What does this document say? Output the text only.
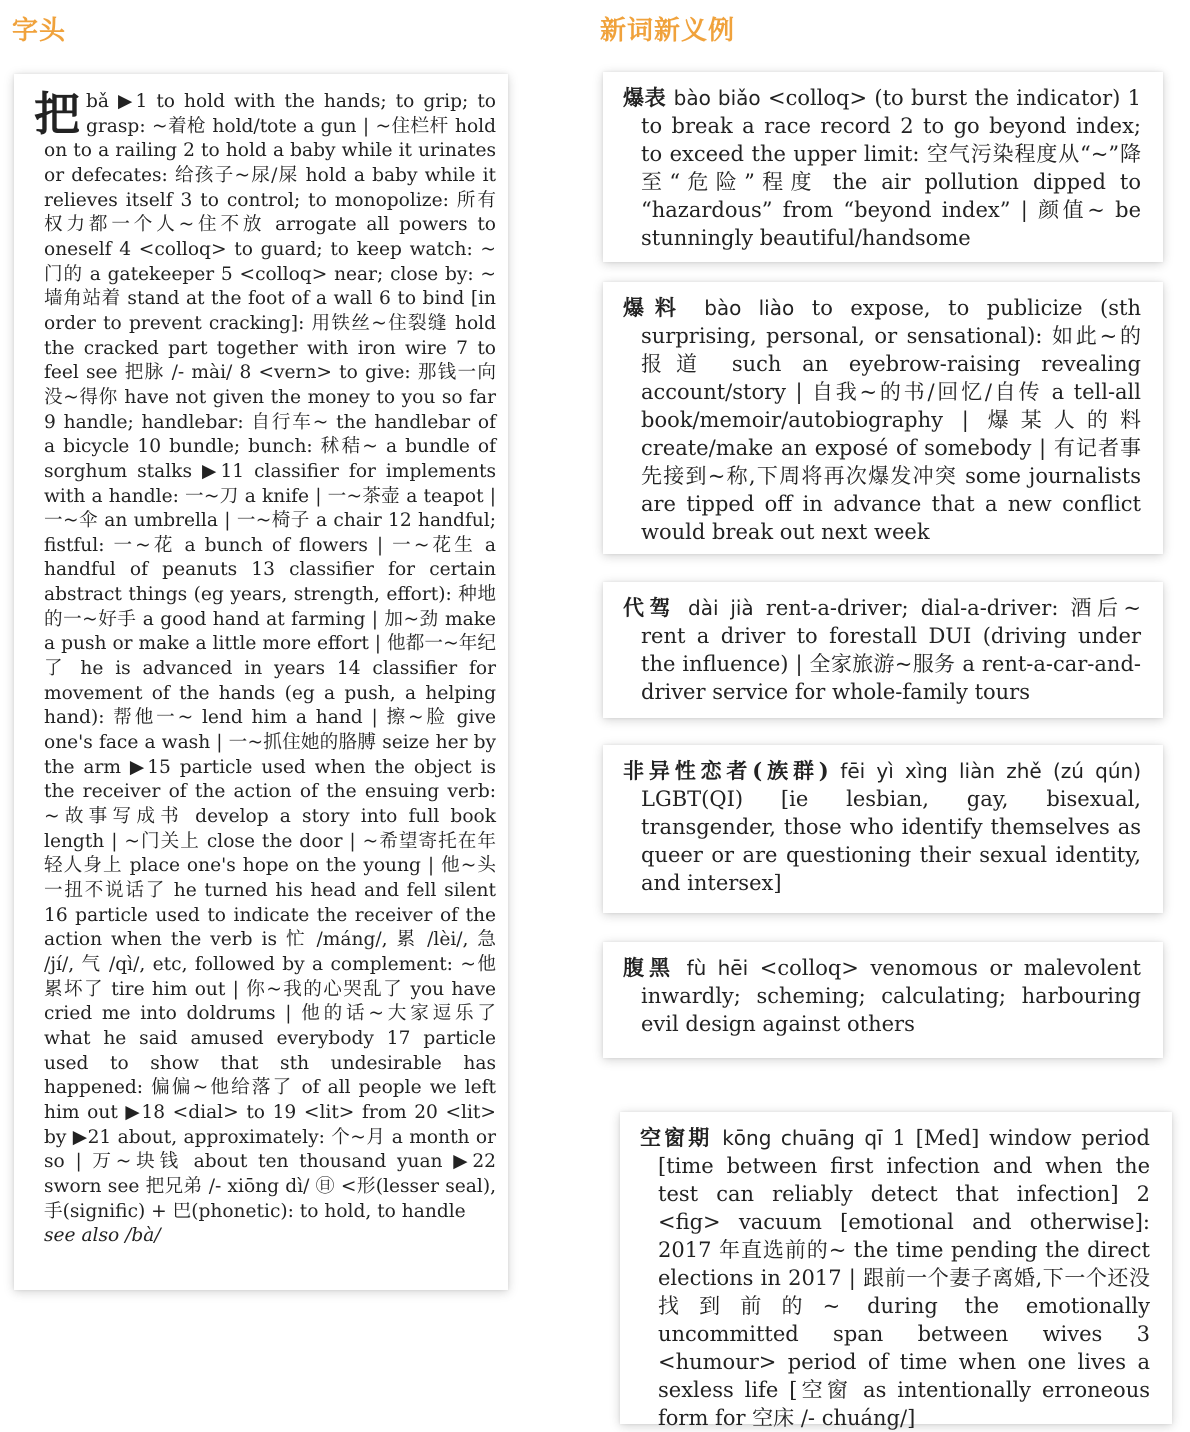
字头	新词新义例
把 bǎ ▶1 to hold with the hands; to grip; to grasp: ~着枪 hold/tote a gun | ~住栏杆 hold on to a railing 2 to hold a baby while it urinates or defecates: 给孩子~尿/屎 hold a baby while it relieves itself 3 to control; to monopolize: 所有权力都一个人~住不放 arrogate all powers to oneself 4 <colloq> to guard; to keep watch: ~门的 a gatekeeper 5 <colloq> near; close by: ~墙角站着 stand at the foot of a wall 6 to bind [in order to prevent cracking]: 用铁丝~住裂缝 hold the cracked part together with iron wire 7 to feel see 把脉 /- mài/ 8 <vern> to give: 那钱一向没~得你 have not given the money to you so far 9 handle; handlebar: 自行车~ the handlebar of a bicycle 10 bundle; bunch: 秫秸~ a bundle of sorghum stalks ▶11 classifier for implements with a handle: 一~刀 a knife | 一~茶壶 a teapot | 一~伞 an umbrella | 一~椅子 a chair 12 handful; fistful: 一~花 a bunch of flowers | 一~花生 a handful of peanuts 13 classifier for certain abstract things (eg years, strength, effort): 种地的一~好手 a good hand at farming | 加~劲 make a push or make a little more effort | 他都一~年纪了 he is advanced in years 14 classifier for movement of the hands (eg a push, a helping hand): 帮他一~ lend him a hand | 擦~脸 give one's face a wash | 一~抓住她的胳膊 seize her by the arm ▶15 particle used when the object is the receiver of the action of the ensuing verb: ~故事写成书 develop a story into full book length | ~门关上 close the door | ~希望寄托在年轻人身上 place one's hope on the young | 他~头一扭不说话了 he turned his head and fell silent 16 particle used to indicate the receiver of the action when the verb is 忙 /máng/, 累 /lèi/, 急 /jí/, 气 /qì/, etc, followed by a complement: ~他累坏了 tire him out | 你~我的心哭乱了 you have cried me into doldrums | 他的话~大家逗乐了 what he said amused everybody 17 particle used to show that sth undesirable has happened: 偏偏~他给落了 of all people we left him out ▶18 <dial> to 19 <lit> from 20 <lit> by ▶21 about, approximately: 个~月 a month or so | 万~块钱 about ten thousand yuan ▶22 sworn see 把兄弟 /- xiōng dì/ ㊐ <形(lesser seal), 手(signific) + 巴(phonetic): to hold, to handle

see also /bà/

爆表 bào biǎo <colloq> (to burst the indicator) 1 to break a race record 2 to go beyond index; to exceed the upper limit: 空气污染程度从“~”降至“危险”程度 the air pollution dipped to “hazardous” from “beyond index” | 颜值~ be stunningly beautiful/handsome

爆料 bào liào to expose, to publicize (sth surprising, personal, or sensational): 如此~的报道 such an eyebrow-raising revealing account/story | 自我~的书/回忆/自传 a tell-all book/memoir/autobiography | 爆某人的料 create/make an exposé of somebody | 有记者事先接到~称,下周将再次爆发冲突 some journalists are tipped off in advance that a new conflict would break out next week

代驾 dài jià rent-a-driver; dial-a-driver: 酒后~ rent a driver to forestall DUI (driving under the influence) | 全家旅游~服务 a rent-a-car-and-driver service for whole-family tours

非异性恋者(族群) fēi yì xìng liàn zhě (zú qún) LGBT(QI) [ie lesbian, gay, bisexual, transgender, those who identify themselves as queer or are questioning their sexual identity, and intersex]

腹黑 fù hēi <colloq> venomous or malevolent inwardly; scheming; calculating; harbouring evil design against others

空窗期 kōng chuāng qī 1 [Med] window period [time between first infection and when the test can reliably detect that infection] 2 <fig> vacuum [emotional and otherwise]: 2017 年直选前的~ the time pending the direct elections in 2017 | 跟前一个妻子离婚,下一个还没找到前的~ during the emotionally uncommitted span between wives 3 <humour> period of time when one lives a sexless life [空窗 as intentionally erroneous form for 空床 /- chuáng/]
